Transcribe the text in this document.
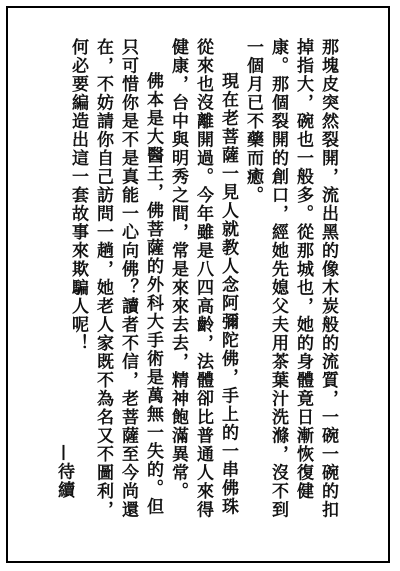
那塊皮突然裂開，流出黑的像木炭般的流質，一碗一碗的扣掉指大，碗也一般多。從那城也，她的身體竟日漸恢復健康。那個裂開的創口，經她先媳父夫用茶葉汁洗滌，沒不到一個月已不藥而癒。

現在老菩薩一見人就教人念阿彌陀佛，手上的一串佛珠從來也沒離開過。今年雖是八四高齡，法體卻比普通人來得健康，台中與明秀之間，常是來來去去，精神飽滿異常。

佛本是大醫王，佛菩薩的外科大手術是萬無一失的。但只可惜你是不是真能一心向佛？讀者不信，老菩薩至今尚還在，不妨請你自己訪問一趟，她老人家既不為名又不圖利，何必要編造出這一套故事來欺騙人呢！

—待續
